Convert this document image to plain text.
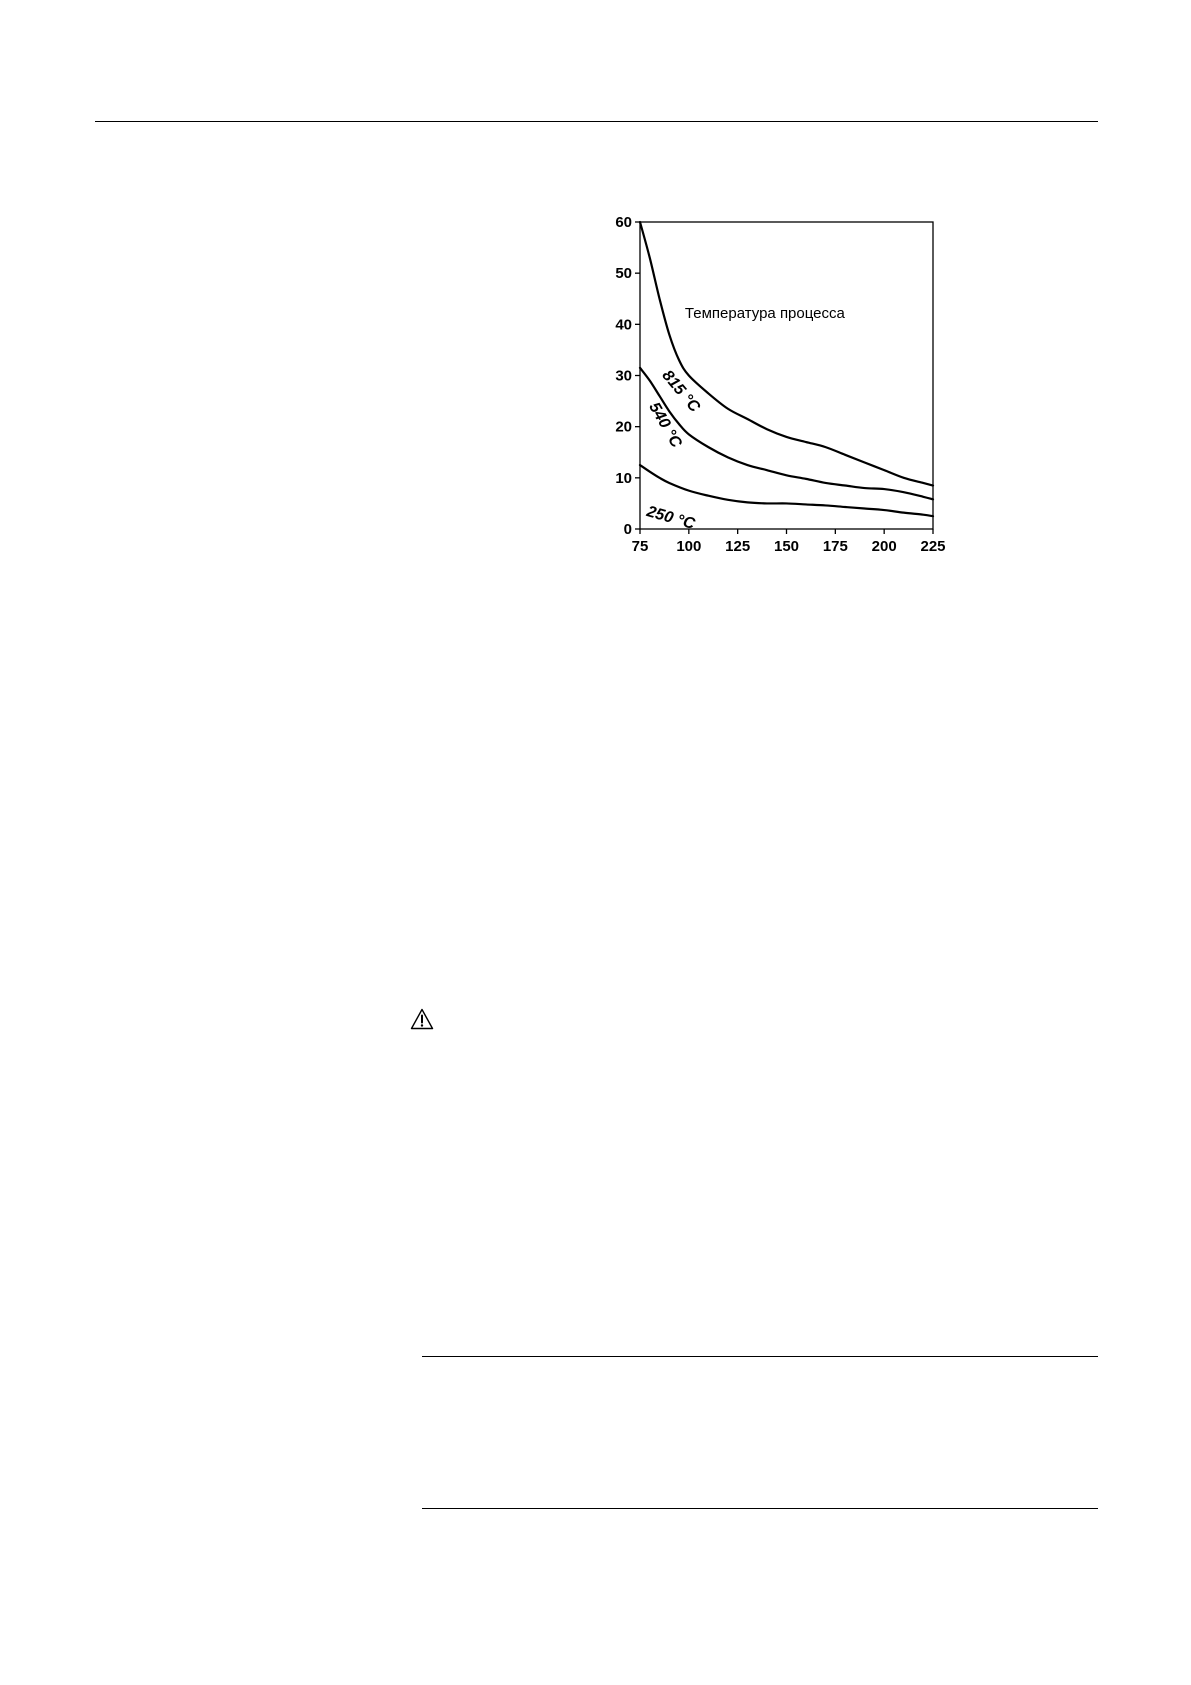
0
10
20
30
40
50
60
75 100 125 150 175 200 225
815 °C
540 °C
250 °C
Температура процесса
